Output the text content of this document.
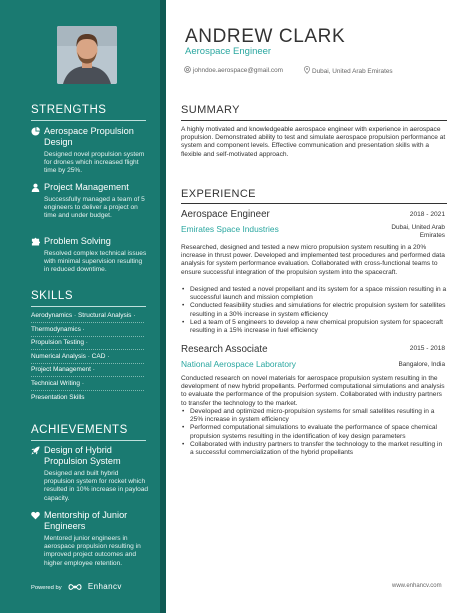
STRENGTHS
Aerospace Propulsion Design
Designed novel propulsion system for drones which increased flight time by 25%.
Project Management
Successfully managed a team of 5 engineers to deliver a project on time and under budget.
Problem Solving
Resolved complex technical issues with minimal supervision resulting in reduced downtime.
SKILLS
Aerodynamics · Structural Analysis ·
Thermodynamics ·
Propulsion Testing ·
Numerical Analysis · CAD ·
Project Management ·
Technical Writing ·
Presentation Skills
ACHIEVEMENTS
Design of Hybrid Propulsion System
Designed and built hybrid propulsion system for rocket which resulted in 10% increase in payload capacity.
Mentorship of Junior Engineers
Mentored junior engineers in aerospace propulsion resulting in improved project outcomes and higher employee retention.
Powered by	Enhancv
ANDREW CLARK
Aerospace Engineer
johndoe.aerospace@gmail.com	Dubai, United Arab Emirates
SUMMARY
A highly motivated and knowledgeable aerospace engineer with experience in aerospace propulsion. Demonstrated ability to test and simulate aerospace propulsion performance at system and component levels. Effective communication and presentation skills with a flexible and self-motivated approach.
EXPERIENCE
Aerospace Engineer	2018 - 2021
Emirates Space Industries	Dubai, United Arab Emirates
Researched, designed and tested a new micro propulsion system resulting in a 20% increase in thrust power. Developed and implemented test procedures and performed data analysis for system performance evaluation. Collaborated with cross-functional teams to ensure successful integration of the propulsion system into the spacecraft.
• Designed and tested a novel propellant and its system for a space mission resulting in a successful launch and mission completion
• Conducted feasibility studies and simulations for electric propulsion system for satellites resulting in a 30% increase in system efficiency
• Led a team of 5 engineers to develop a new chemical propulsion system for spacecraft resulting in a 15% increase in fuel efficiency
Research Associate	2015 - 2018
National Aerospace Laboratory	Bangalore, India
Conducted research on novel materials for aerospace propulsion system resulting in the development of new hybrid propellants. Performed computational simulations and analysis to evaluate the performance of the propulsion system. Collaborated with industry partners to transfer the technology to the market.
• Developed and optimized micro-propulsion systems for small satellites resulting in a 25% increase in system efficiency
• Performed computational simulations to evaluate the performance of space chemical propulsion systems resulting in the identification of key design parameters
• Collaborated with industry partners to transfer the technology to the market resulting in a successful commercialization of the hybrid propellants
www.enhancv.com
